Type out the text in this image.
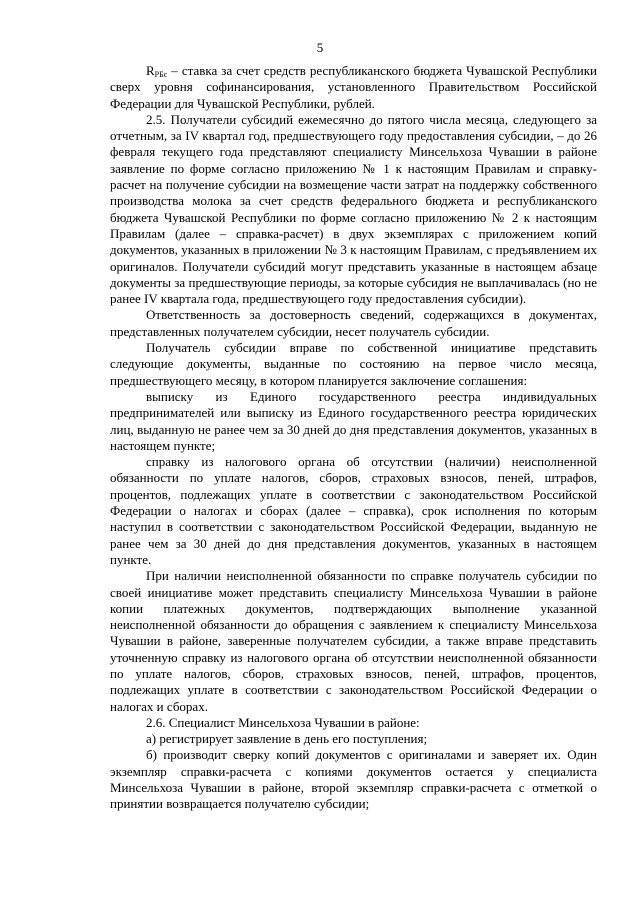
5

$R_{РБс}$ – ставка за счет средств республиканского бюджета Чувашской Республики сверх уровня софинансирования, установленного Правительством Российской Федерации для Чувашской Республики, рублей.

2.5. Получатели субсидий ежемесячно до пятого числа месяца, следующего за отчетным, за IV квартал год, предшествующего году предоставления субсидии, – до 26 февраля текущего года представляют специалисту Минсельхоза Чувашии в районе заявление по форме согласно приложению № 1 к настоящим Правилам и справку-расчет на получение субсидии на возмещение части затрат на поддержку собственного производства молока за счет средств федерального бюджета и республиканского бюджета Чувашской Республики по форме согласно приложению № 2 к настоящим Правилам (далее – справка-расчет) в двух экземплярах с приложением копий документов, указанных в приложении № 3 к настоящим Правилам, с предъявлением их оригиналов. Получатели субсидий могут представить указанные в настоящем абзаце документы за предшествующие периоды, за которые субсидия не выплачивалась (но не ранее IV квартала года, предшествующего году предоставления субсидии).

Ответственность за достоверность сведений, содержащихся в документах, представленных получателем субсидии, несет получатель субсидии.

Получатель субсидии вправе по собственной инициативе представить следующие документы, выданные по состоянию на первое число месяца, предшествующего месяцу, в котором планируется заключение соглашения:

выписку из Единого государственного реестра индивидуальных предпринимателей или выписку из Единого государственного реестра юридических лиц, выданную не ранее чем за 30 дней до дня представления документов, указанных в настоящем пункте;

справку из налогового органа об отсутствии (наличии) неисполненной обязанности по уплате налогов, сборов, страховых взносов, пеней, штрафов, процентов, подлежащих уплате в соответствии с законодательством Российской Федерации о налогах и сборах (далее – справка), срок исполнения по которым наступил в соответствии с законодательством Российской Федерации, выданную не ранее чем за 30 дней до дня представления документов, указанных в настоящем пункте.

При наличии неисполненной обязанности по справке получатель субсидии по своей инициативе может представить специалисту Минсельхоза Чувашии в районе копии платежных документов, подтверждающих выполнение указанной неисполненной обязанности до обращения с заявлением к специалисту Минсельхоза Чувашии в районе, заверенные получателем субсидии, а также вправе представить уточненную справку из налогового органа об отсутствии неисполненной обязанности по уплате налогов, сборов, страховых взносов, пеней, штрафов, процентов, подлежащих уплате в соответствии с законодательством Российской Федерации о налогах и сборах.

2.6. Специалист Минсельхоза Чувашии в районе:

а) регистрирует заявление в день его поступления;

б) производит сверку копий документов с оригиналами и заверяет их. Один экземпляр справки-расчета с копиями документов остается у специалиста Минсельхоза Чувашии в районе, второй экземпляр справки-расчета с отметкой о принятии возвращается получателю субсидии;
